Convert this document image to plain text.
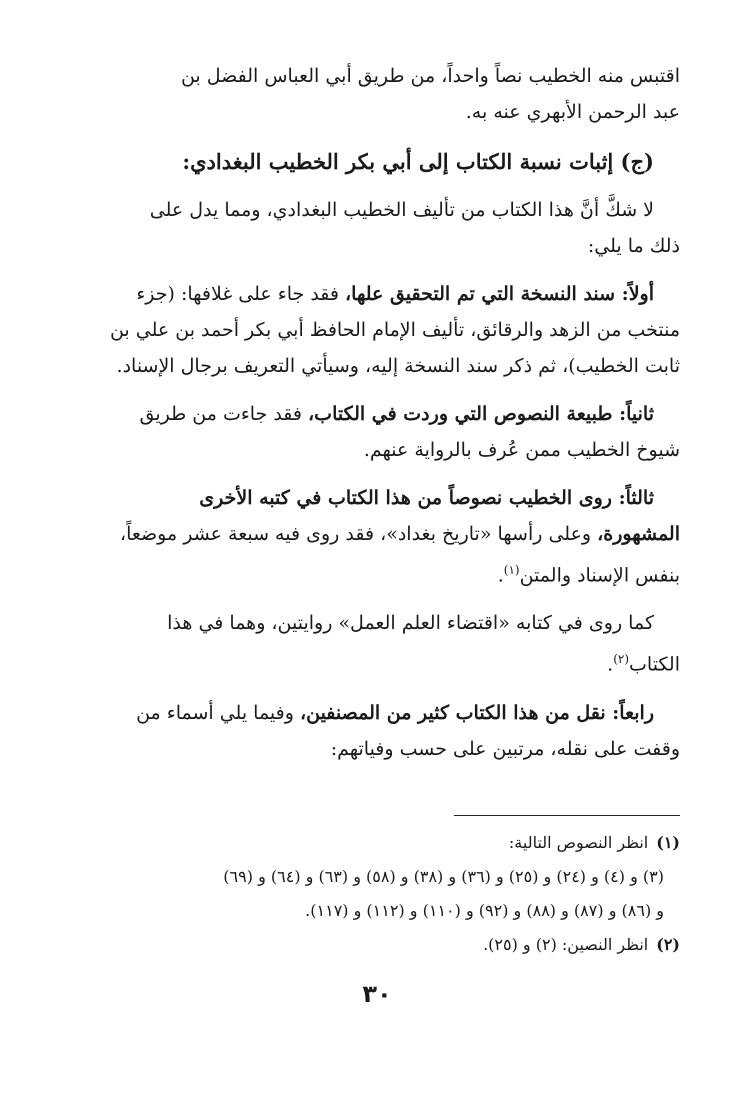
اقتبس منه الخطيب نصاً واحداً، من طريق أبي العباس الفضل بن
عبد الرحمن الأبهري عنه به.
(ج) إثبات نسبة الكتاب إلى أبي بكر الخطيب البغدادي:
لا شكَّ أنَّ هذا الكتاب من تأليف الخطيب البغدادي، ومما يدل على
ذلك ما يلي:
أولاً: سند النسخة التي تم التحقيق علها، فقد جاء على غلافها: (جزء
منتخب من الزهد والرقائق، تأليف الإمام الحافظ أبي بكر أحمد بن علي بن
ثابت الخطيب)، ثم ذكر سند النسخة إليه، وسيأتي التعريف برجال الإسناد.
ثانياً: طبيعة النصوص التي وردت في الكتاب، فقد جاءت من طريق
شيوخ الخطيب ممن عُرف بالرواية عنهم.
ثالثاً: روى الخطيب نصوصاً من هذا الكتاب في كتبه الأخرى
المشهورة، وعلى رأسها «تاريخ بغداد»، فقد روى فيه سبعة عشر موضعاً،
بنفس الإسناد والمتن$^{(١)}$.
كما روى في كتابه «اقتضاء العلم العمل» روايتين، وهما في هذا
الكتاب$^{(٢)}$.
رابعاً: نقل من هذا الكتاب كثير من المصنفين، وفيما يلي أسماء من
وقفت على نقله، مرتبين على حسب وفياتهم:
(١)انظر النصوص التالية:
(٣) و (٤) و (٢٤) و (٢٥) و (٣٦) و (٣٨) و (٥٨) و (٦٣) و (٦٤) و (٦٩)
و (٨٦) و (٨٧) و (٨٨) و (٩٢) و (١١٠) و (١١٢) و (١١٧).
(٢)انظر النصين: (٢) و (٢٥).
٣٠
